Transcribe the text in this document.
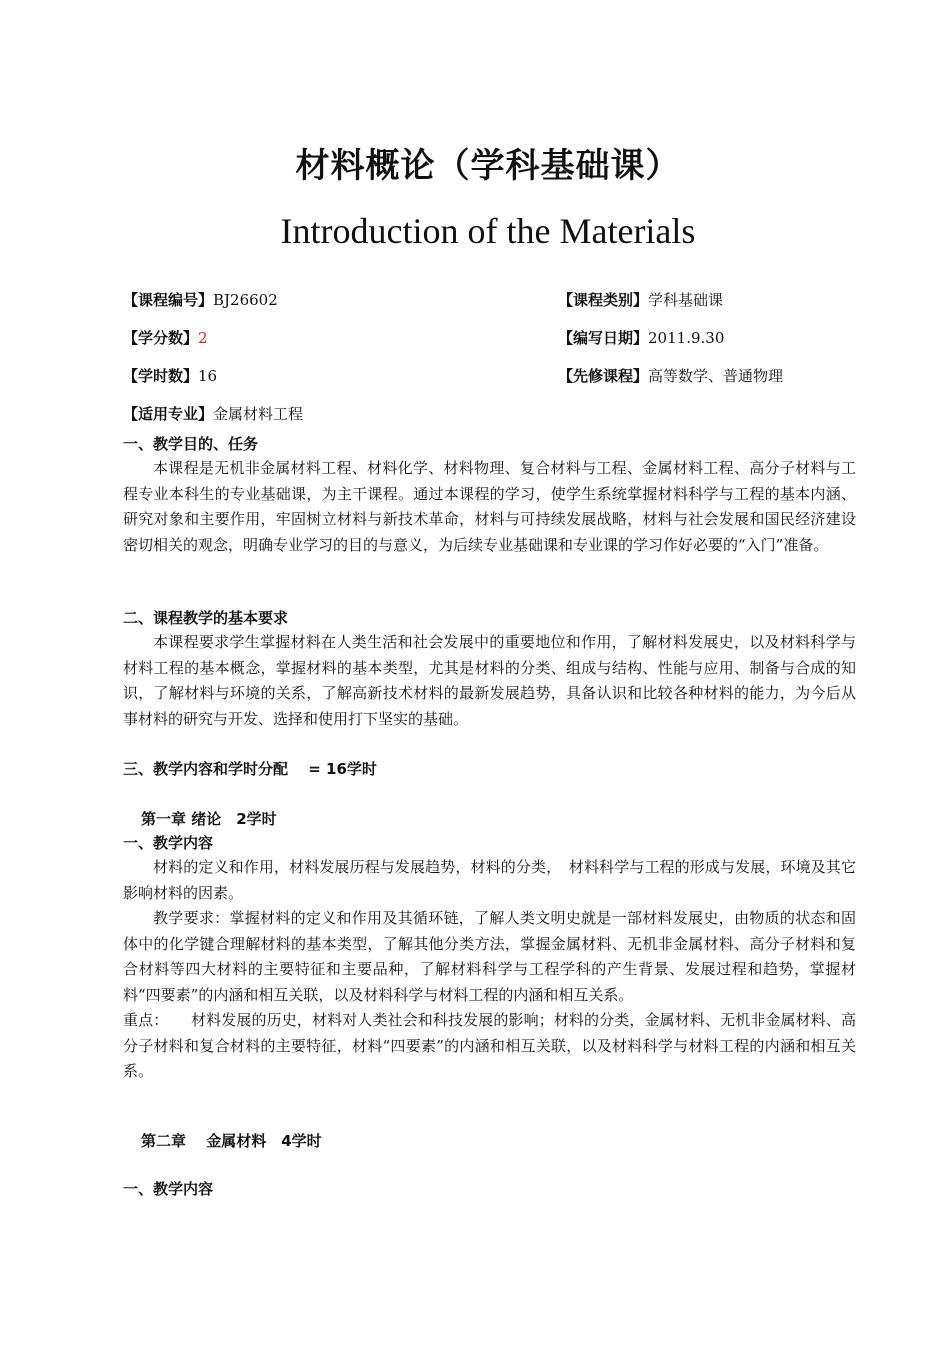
材料概论（学科基础课）
Introduction of the Materials
【课程编号】BJ26602	【课程类别】学科基础课
【学分数】2	【编写日期】2011.9.30
【学时数】16	【先修课程】高等数学、普通物理
【适用专业】金属材料工程
一、教学目的、任务
本课程是无机非金属材料工程、材料化学、材料物理、复合材料与工程、金属材料工程、高分子材料与工程专业本科生的专业基础课，为主干课程。通过本课程的学习，使学生系统掌握材料科学与工程的基本内涵、研究对象和主要作用，牢固树立材料与新技术革命，材料与可持续发展战略，材料与社会发展和国民经济建设密切相关的观念，明确专业学习的目的与意义，为后续专业基础课和专业课的学习作好必要的“入门”准备。
二、课程教学的基本要求
本课程要求学生掌握材料在人类生活和社会发展中的重要地位和作用，了解材料发展史，以及材料科学与材料工程的基本概念，掌握材料的基本类型，尤其是材料的分类、组成与结构、性能与应用、制备与合成的知识，了解材料与环境的关系，了解高新技术材料的最新发展趋势，具备认识和比较各种材料的能力，为今后从事材料的研究与开发、选择和使用打下坚实的基础。
三、教学内容和学时分配　 = 16学时
第一章 绪论　2学时
一、教学内容
材料的定义和作用，材料发展历程与发展趋势，材料的分类，　材料科学与工程的形成与发展，环境及其它影响材料的因素。
教学要求：掌握材料的定义和作用及其循环链，了解人类文明史就是一部材料发展史，由物质的状态和固体中的化学键合理解材料的基本类型，了解其他分类方法，掌握金属材料、无机非金属材料、高分子材料和复合材料等四大材料的主要特征和主要品种，了解材料科学与工程学科的产生背景、发展过程和趋势，掌握材料“四要素”的内涵和相互关联，以及材料科学与材料工程的内涵和相互关系。
重点：　　材料发展的历史，材料对人类社会和科技发展的影响；材料的分类，金属材料、无机非金属材料、高分子材料和复合材料的主要特征，材料“四要素”的内涵和相互关联，以及材料科学与材料工程的内涵和相互关系。
第二章　 金属材料　4学时
一、教学内容
